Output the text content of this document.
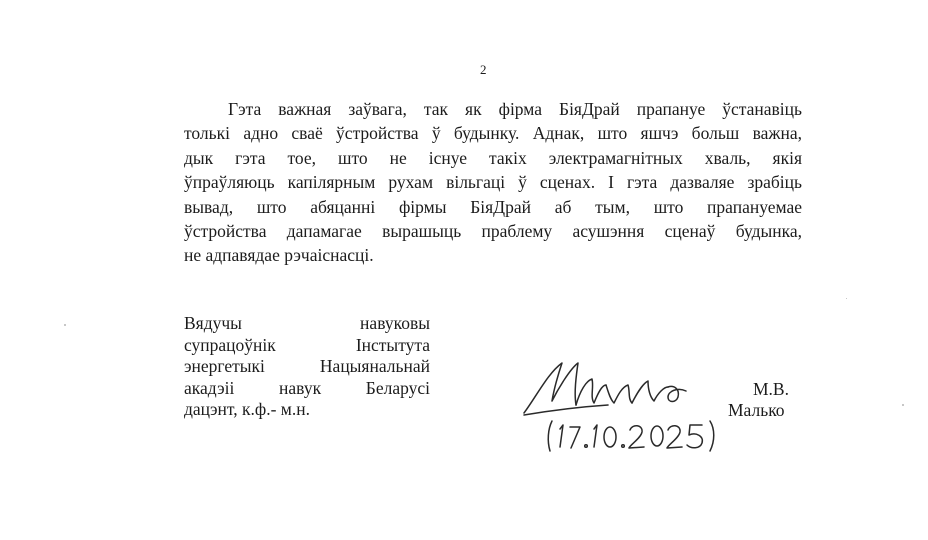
2
Гэта важная заўвага, так як фірма БіяДрай прапануе ўстанавіць
толькі адно сваё ўстройства ў будынку. Аднак, што яшчэ больш важна,
дык гэта тое, што не існуе такіх электрамагнітных хваль, якія
ўпраўляюць капілярным рухам вільгаці ў сценах. І гэта дазваляе зрабіць
вывад, што абяцанні фірмы БіяДрай аб тым, што прапануемае
ўстройства дапамагае вырашыць праблему асушэння сценаў будынка,
не адпавядае рэчаіснасці.
Вядучы навуковы
супрацоўнік Інстытута
энергетыкі Нацыянальнай
акадэіі навук Беларусі
дацэнт, к.ф.- м.н.
М.В.
Малько
